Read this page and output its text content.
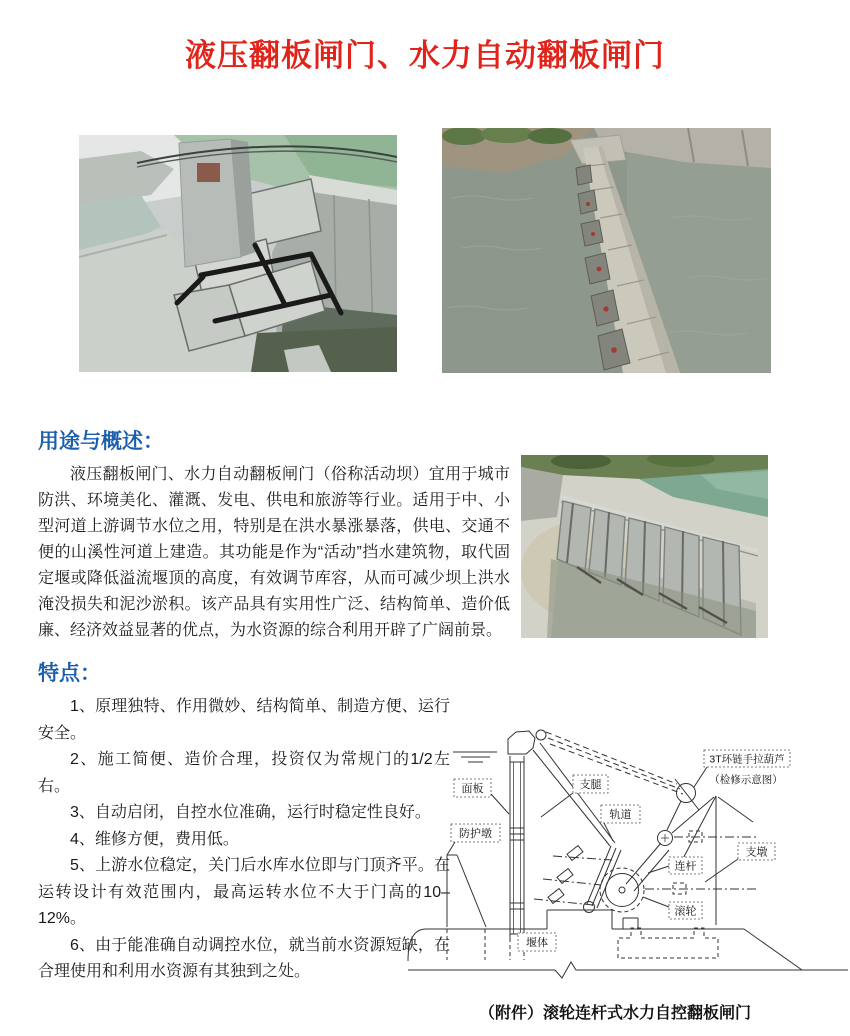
液压翻板闸门、水力自动翻板闸门
用途与概述：

液压翻板闸门、水力自动翻板闸门（俗称活动坝）宜用于城市防洪、环境美化、灌溉、发电、供电和旅游等行业。适用于中、小型河道上游调节水位之用，特别是在洪水暴涨暴落，供电、交通不便的山溪性河道上建造。其功能是作为“活动”挡水建筑物，取代固定堰或降低溢流堰顶的高度，有效调节库容，从而可减少坝上洪水淹没损失和泥沙淤积。该产品具有实用性广泛、结构简单、造价低廉、经济效益显著的优点，为水资源的综合利用开辟了广阔前景。

特点：

1、原理独特、作用微妙、结构简单、制造方便、运行安全。

2、施工简便、造价合理，投资仅为常规门的1/2左右。

3、自动启闭，自控水位准确，运行时稳定性良好。

4、维修方便，费用低。

5、上游水位稳定，关门后水库水位即与门顶齐平。在运转设计有效范围内，最高运转水位不大于门高的10–12%。

6、由于能准确自动调控水位，就当前水资源短缺，在合理使用和利用水资源有其独到之处。

3T环链手拉葫芦
（检修示意图）
面板
防护墩
支腿
轨道
连杆
滚轮
支墩
堰体
（附件）滚轮连杆式水力自控翻板闸门
